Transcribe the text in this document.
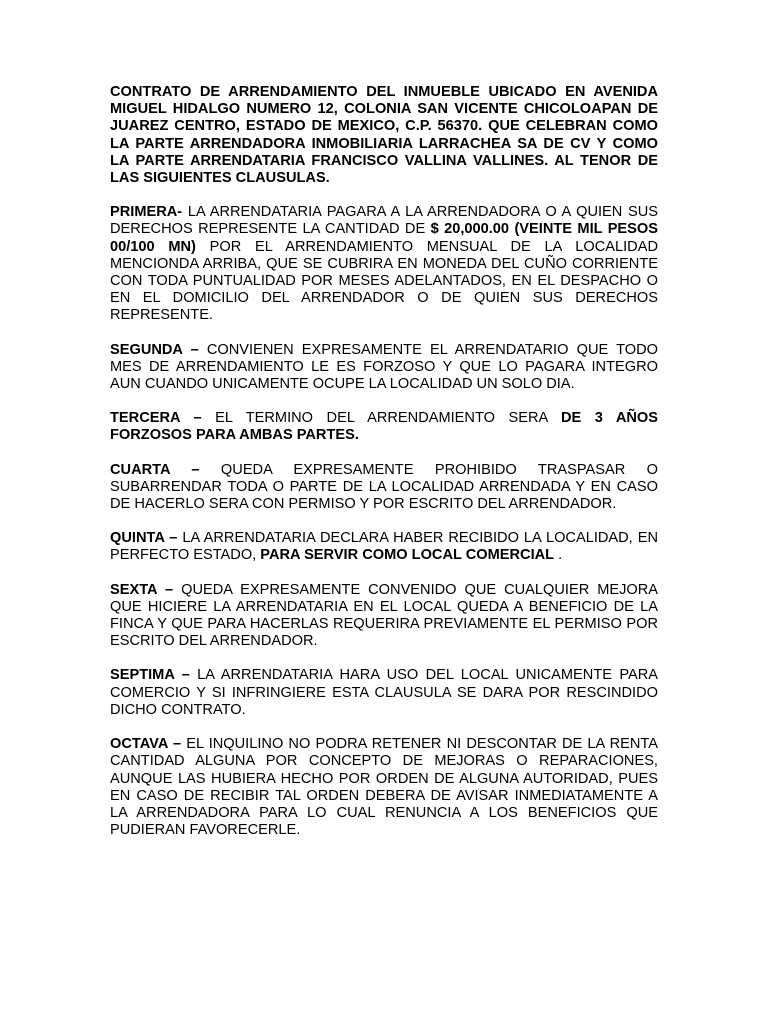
CONTRATO DE ARRENDAMIENTO DEL INMUEBLE UBICADO EN AVENIDA MIGUEL HIDALGO NUMERO 12, COLONIA SAN VICENTE CHICOLOAPAN DE JUAREZ CENTRO, ESTADO DE MEXICO, C.P. 56370. QUE CELEBRAN COMO LA PARTE ARRENDADORA INMOBILIARIA LARRACHEA SA DE CV Y COMO LA PARTE ARRENDATARIA FRANCISCO VALLINA VALLINES. AL TENOR DE LAS SIGUIENTES CLAUSULAS.

PRIMERA- LA ARRENDATARIA PAGARA A LA ARRENDADORA O A QUIEN SUS DERECHOS REPRESENTE LA CANTIDAD DE $ 20,000.00 (VEINTE MIL PESOS 00/100 MN) POR EL ARRENDAMIENTO MENSUAL DE LA LOCALIDAD MENCIONDA ARRIBA, QUE SE CUBRIRA EN MONEDA DEL CUÑO CORRIENTE CON TODA PUNTUALIDAD POR MESES ADELANTADOS, EN EL DESPACHO O EN EL DOMICILIO DEL ARRENDADOR O DE QUIEN SUS DERECHOS REPRESENTE.

SEGUNDA – CONVIENEN EXPRESAMENTE EL ARRENDATARIO QUE TODO MES DE ARRENDAMIENTO LE ES FORZOSO Y QUE LO PAGARA INTEGRO AUN CUANDO UNICAMENTE OCUPE LA LOCALIDAD UN SOLO DIA.

TERCERA – EL TERMINO DEL ARRENDAMIENTO SERA DE 3 AÑOS FORZOSOS PARA AMBAS PARTES.

CUARTA – QUEDA EXPRESAMENTE PROHIBIDO TRASPASAR O SUBARRENDAR TODA O PARTE DE LA LOCALIDAD ARRENDADA Y EN CASO DE HACERLO SERA CON PERMISO Y POR ESCRITO DEL ARRENDADOR.

QUINTA – LA ARRENDATARIA DECLARA HABER RECIBIDO LA LOCALIDAD, EN PERFECTO ESTADO, PARA SERVIR COMO LOCAL COMERCIAL .

SEXTA – QUEDA EXPRESAMENTE CONVENIDO QUE CUALQUIER MEJORA QUE HICIERE LA ARRENDATARIA EN EL LOCAL QUEDA A BENEFICIO DE LA FINCA Y QUE PARA HACERLAS REQUERIRA PREVIAMENTE EL PERMISO POR ESCRITO DEL ARRENDADOR.

SEPTIMA – LA ARRENDATARIA HARA USO DEL LOCAL UNICAMENTE PARA COMERCIO Y SI INFRINGIERE ESTA CLAUSULA SE DARA POR RESCINDIDO DICHO CONTRATO.

OCTAVA – EL INQUILINO NO PODRA RETENER NI DESCONTAR DE LA RENTA CANTIDAD ALGUNA POR CONCEPTO DE MEJORAS O REPARACIONES, AUNQUE LAS HUBIERA HECHO POR ORDEN DE ALGUNA AUTORIDAD, PUES EN CASO DE RECIBIR TAL ORDEN DEBERA DE AVISAR INMEDIATAMENTE A LA ARRENDADORA PARA LO CUAL RENUNCIA A LOS BENEFICIOS QUE PUDIERAN FAVORECERLE.
